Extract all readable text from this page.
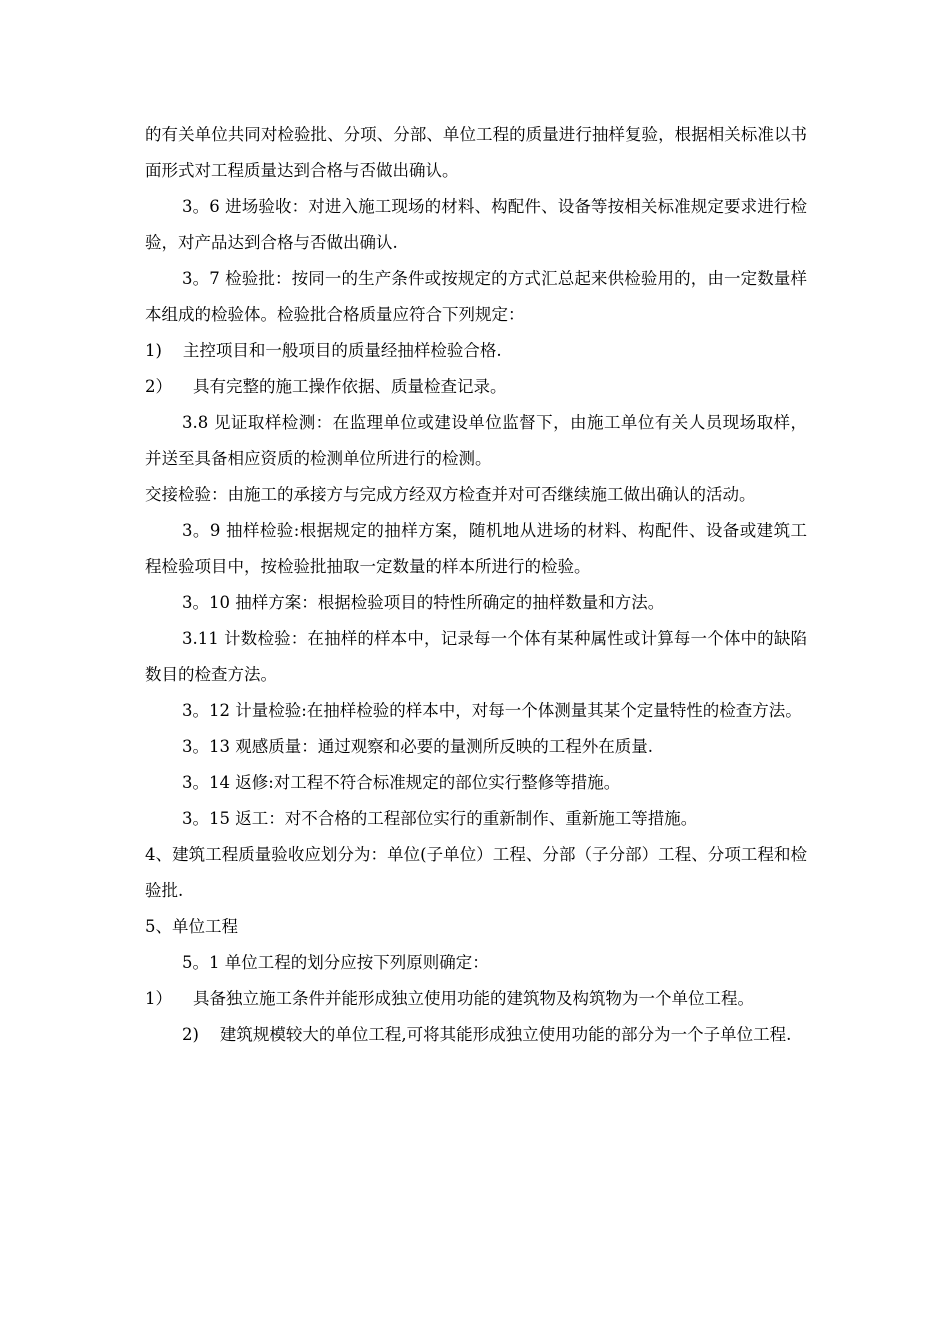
的有关单位共同对检验批、分项、分部、单位工程的质量进行抽样复验，根据相关标准以书面形式对工程质量达到合格与否做出确认。

3。6 进场验收：对进入施工现场的材料、构配件、设备等按相关标准规定要求进行检验，对产品达到合格与否做出确认.

3。7 检验批：按同一的生产条件或按规定的方式汇总起来供检验用的，由一定数量样本组成的检验体。检验批合格质量应符合下列规定：

1)    主控项目和一般项目的质量经抽样检验合格.

2）    具有完整的施工操作依据、质量检查记录。

3.8 见证取样检测：在监理单位或建设单位监督下，由施工单位有关人员现场取样，并送至具备相应资质的检测单位所进行的检测。

交接检验：由施工的承接方与完成方经双方检查并对可否继续施工做出确认的活动。

3。9 抽样检验:根据规定的抽样方案，随机地从进场的材料、构配件、设备或建筑工程检验项目中，按检验批抽取一定数量的样本所进行的检验。

3。10 抽样方案：根据检验项目的特性所确定的抽样数量和方法。

3.11 计数检验：在抽样的样本中，记录每一个体有某种属性或计算每一个体中的缺陷数目的检查方法。

3。12 计量检验:在抽样检验的样本中，对每一个体测量其某个定量特性的检查方法。

3。13 观感质量：通过观察和必要的量测所反映的工程外在质量.

3。14 返修:对工程不符合标准规定的部位实行整修等措施。

3。15 返工：对不合格的工程部位实行的重新制作、重新施工等措施。

4、建筑工程质量验收应划分为：单位(子单位）工程、分部（子分部）工程、分项工程和检验批.

5、单位工程

5。1 单位工程的划分应按下列原则确定：

1）    具备独立施工条件并能形成独立使用功能的建筑物及构筑物为一个单位工程。

2)    建筑规模较大的单位工程,可将其能形成独立使用功能的部分为一个子单位工程.
